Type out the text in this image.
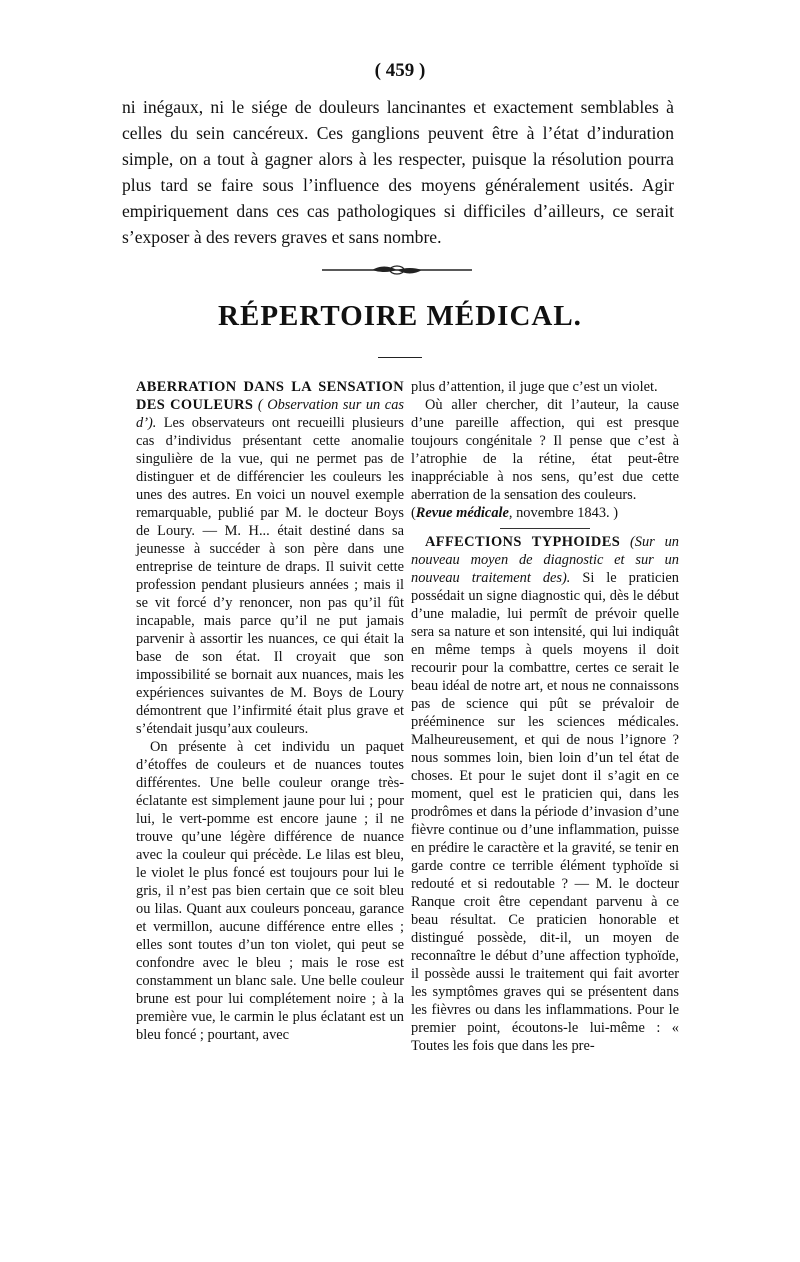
( 459 )

ni inégaux, ni le siége de douleurs lancinantes et exactement semblables à celles du sein cancéreux. Ces ganglions peuvent être à l’état d’induration simple, on a tout à gagner alors à les respecter, puisque la résolution pourra plus tard se faire sous l’influence des moyens généralement usités. Agir empiriquement dans ces cas pathologiques si difficiles d’ailleurs, ce serait s’exposer à des revers graves et sans nombre.

RÉPERTOIRE MÉDICAL.

ABERRATION DANS LA SENSATION DES COULEURS ( Observation sur un cas d’). Les observateurs ont recueilli plusieurs cas d’individus présentant cette anomalie singulière de la vue, qui ne permet pas de distinguer et de différencier les couleurs les unes des autres. En voici un nouvel exemple remarquable, publié par M. le docteur Boys de Loury. — M. H... était destiné dans sa jeunesse à succéder à son père dans une entreprise de teinture de draps. Il suivit cette profession pendant plusieurs années ; mais il se vit forcé d’y renoncer, non pas qu’il fût incapable, mais parce qu’il ne put jamais parvenir à assortir les nuances, ce qui était la base de son état. Il croyait que son impossibilité se bornait aux nuances, mais les expériences suivantes de M. Boys de Loury démontrent que l’infirmité était plus grave et s’étendait jusqu’aux couleurs.

On présente à cet individu un paquet d’étoffes de couleurs et de nuances toutes différentes. Une belle couleur orange très-éclatante est simplement jaune pour lui ; pour lui, le vert-pomme est encore jaune ; il ne trouve qu’une légère différence de nuance avec la couleur qui précède. Le lilas est bleu, le violet le plus foncé est toujours pour lui le gris, il n’est pas bien certain que ce soit bleu ou lilas. Quant aux couleurs ponceau, garance et vermillon, aucune différence entre elles ; elles sont toutes d’un ton violet, qui peut se confondre avec le bleu ; mais le rose est constamment un blanc sale. Une belle couleur brune est pour lui complétement noire ; à la première vue, le carmin le plus éclatant est un bleu foncé ; pourtant, avec

plus d’attention, il juge que c’est un violet.

Où aller chercher, dit l’auteur, la cause d’une pareille affection, qui est presque toujours congénitale ? Il pense que c’est à l’atrophie de la rétine, état peut-être inappréciable à nos sens, qu’est due cette aberration de la sensation des couleurs.

(Revue médicale, novembre 1843. )

AFFECTIONS TYPHOIDES (Sur un nouveau moyen de diagnostic et sur un nouveau traitement des). Si le praticien possédait un signe diagnostic qui, dès le début d’une maladie, lui permît de prévoir quelle sera sa nature et son intensité, qui lui indiquât en même temps à quels moyens il doit recourir pour la combattre, certes ce serait le beau idéal de notre art, et nous ne connaissons pas de science qui pût se prévaloir de prééminence sur les sciences médicales. Malheureusement, et qui de nous l’ignore ? nous sommes loin, bien loin d’un tel état de choses. Et pour le sujet dont il s’agit en ce moment, quel est le praticien qui, dans les prodrômes et dans la période d’invasion d’une fièvre continue ou d’une inflammation, puisse en prédire le caractère et la gravité, se tenir en garde contre ce terrible élément typhoïde si redouté et si redoutable ? — M. le docteur Ranque croit être cependant parvenu à ce beau résultat. Ce praticien honorable et distingué possède, dit-il, un moyen de reconnaître le début d’une affection typhoïde, il possède aussi le traitement qui fait avorter les symptômes graves qui se présentent dans les fièvres ou dans les inflammations. Pour le premier point, écoutons-le lui-même : « Toutes les fois que dans les pre-
